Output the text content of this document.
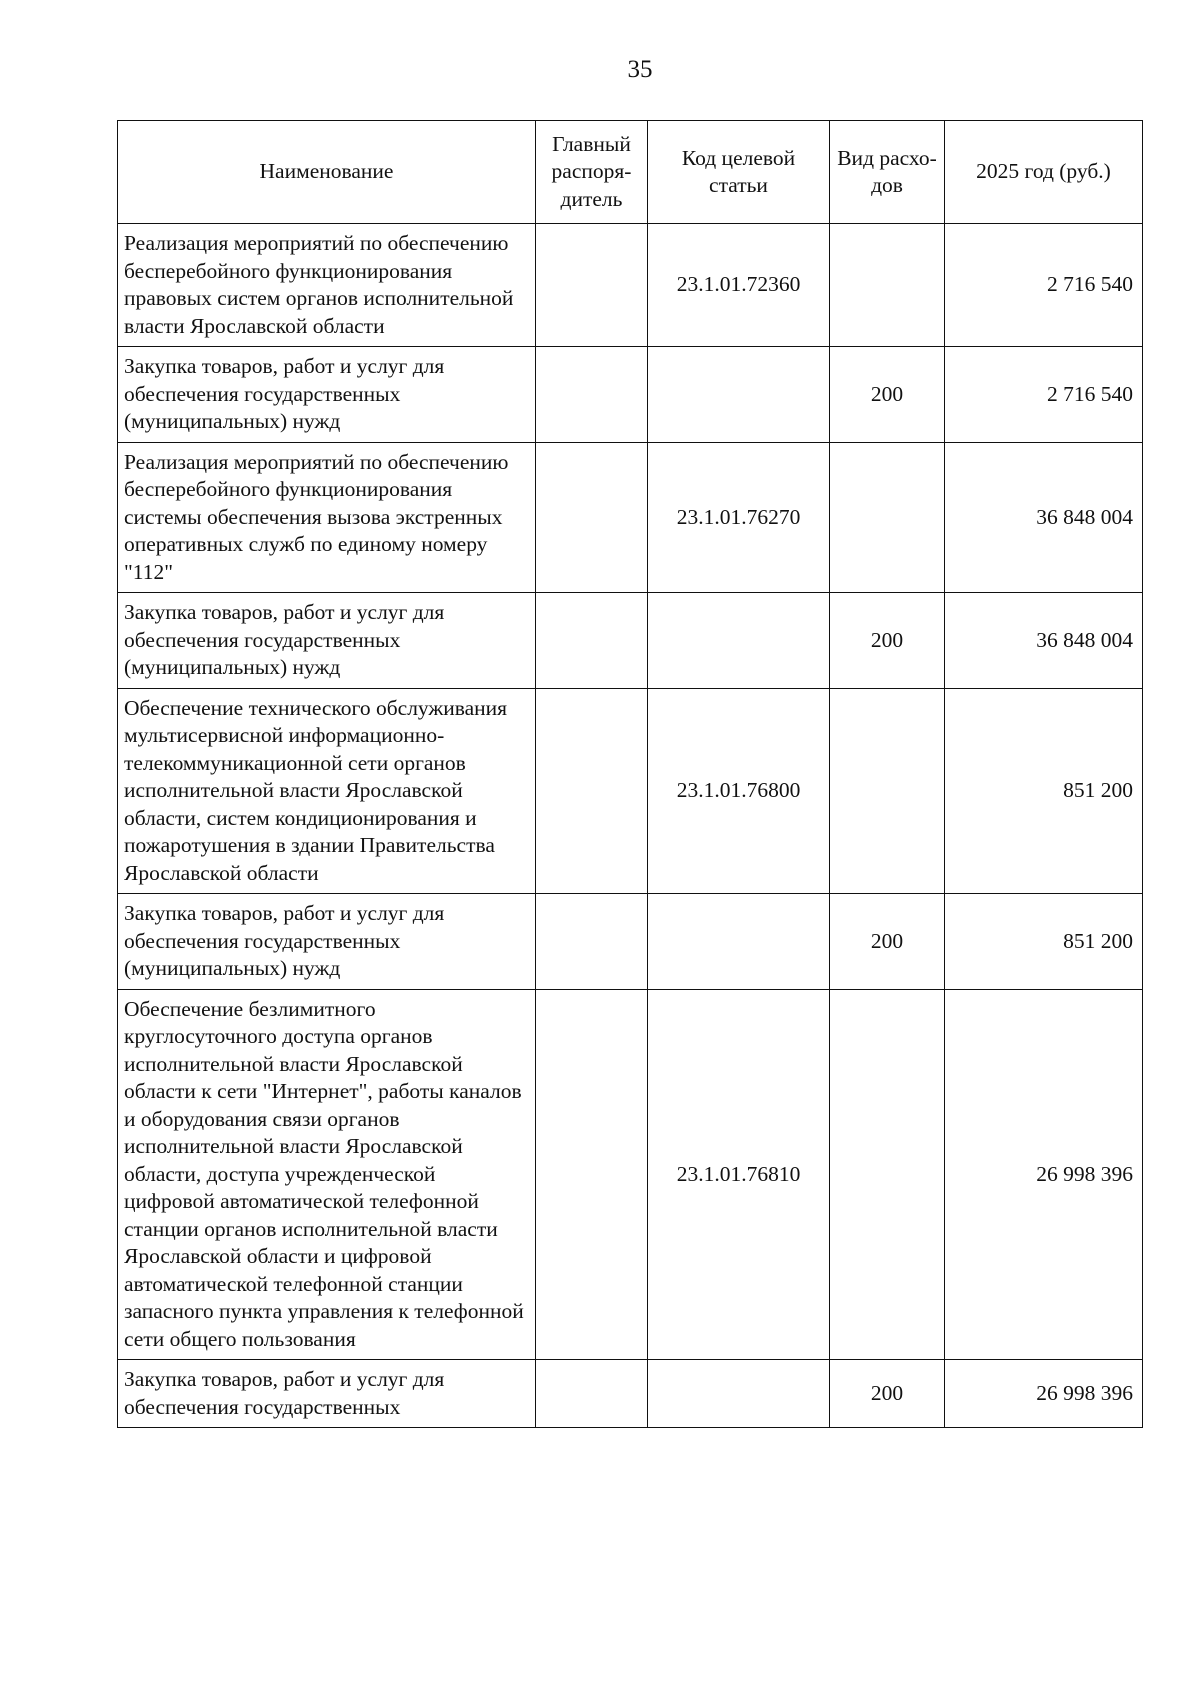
35
Наименование	Главный распоря-дитель	Код целевой статьи	Вид расхо-дов	2025 год (руб.)
Реализация мероприятий по обеспечению бесперебойного функционирования правовых систем органов исполнительной власти Ярославской области		23.1.01.72360		2 716 540
Закупка товаров, работ и услуг для обеспечения государственных (муниципальных) нужд			200	2 716 540
Реализация мероприятий по обеспечению бесперебойного функционирования системы обеспечения вызова экстренных оперативных служб по единому номеру "112"		23.1.01.76270		36 848 004
Закупка товаров, работ и услуг для обеспечения государственных (муниципальных) нужд			200	36 848 004
Обеспечение технического обслуживания мультисервисной информационно-телекоммуникационной сети органов исполнительной власти Ярославской области, систем кондиционирования и пожаротушения в здании Правительства Ярославской области		23.1.01.76800		851 200
Закупка товаров, работ и услуг для обеспечения государственных (муниципальных) нужд			200	851 200
Обеспечение безлимитного круглосуточного доступа органов исполнительной власти Ярославской области к сети "Интернет", работы каналов и оборудования связи органов исполнительной власти Ярославской области, доступа учрежденческой цифровой автоматической телефонной станции органов исполнительной власти Ярославской области и цифровой автоматической телефонной станции запасного пункта управления к телефонной сети общего пользования		23.1.01.76810		26 998 396
Закупка товаров, работ и услуг для обеспечения государственных			200	26 998 396
